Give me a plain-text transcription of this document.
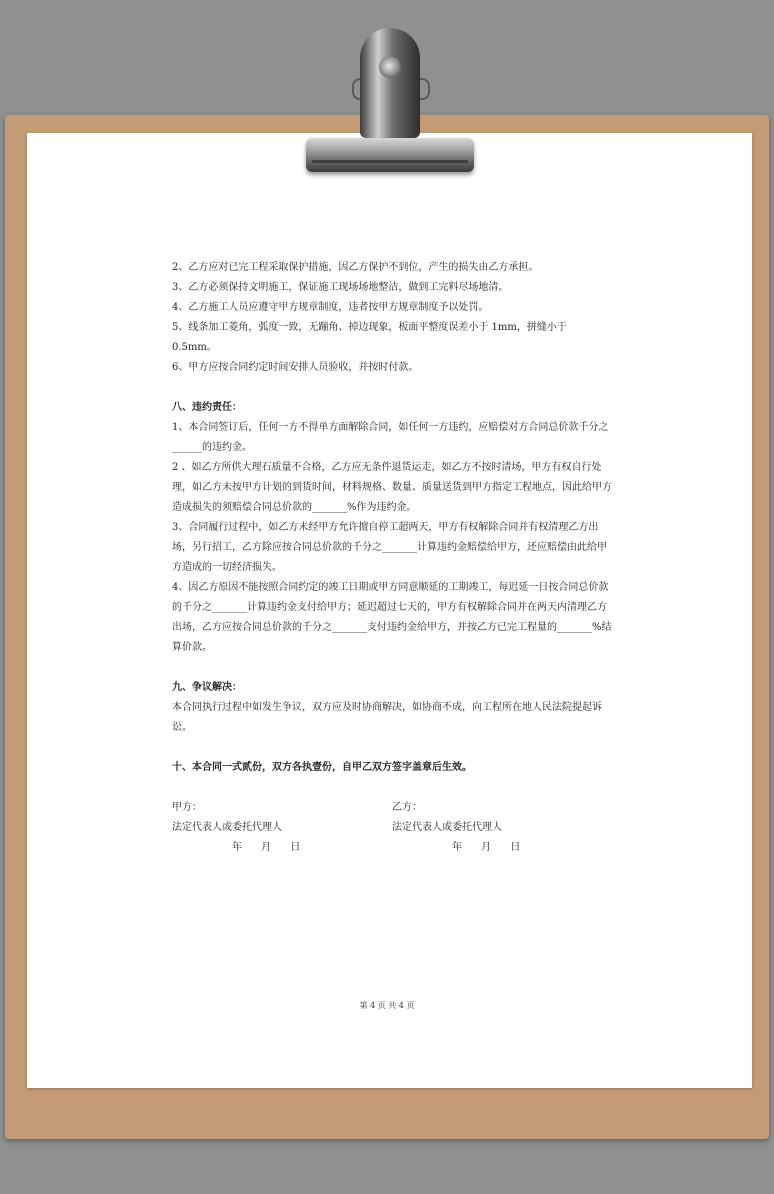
2、乙方应对已完工程采取保护措施，因乙方保护不到位，产生的损失由乙方承担。

3、乙方必须保持文明施工，保证施工现场场地整洁，做到工完料尽场地清。

4、乙方施工人员应遵守甲方规章制度，违者按甲方规章制度予以处罚。

5、线条加工菱角，弧度一致，无蹦角、掉边现象，板面平整度误差小于 1mm，拼缝小于 0.5mm。

6、甲方应按合同约定时间安排人员验收，并按时付款。

八、违约责任：

1、本合同签订后，任何一方不得单方面解除合同，如任何一方违约，应赔偿对方合同总价款千分之______的违约金。

2 、如乙方所供大理石质量不合格，乙方应无条件退货运走，如乙方不按时清场，甲方有权自行处理，如乙方未按甲方计划的到货时间，材料规格、数量、质量送货到甲方指定工程地点，因此给甲方造成损失的须赔偿合同总价款的_______%作为违约金。

3、合同履行过程中，如乙方未经甲方允许擅自停工超两天，甲方有权解除合同并有权清理乙方出场，另行招工，乙方除应按合同总价款的千分之_______计算违约金赔偿给甲方，还应赔偿由此给甲方造成的一切经济损失。

4、因乙方原因不能按照合同约定的竣工日期或甲方同意顺延的工期竣工，每迟延一日按合同总价款的千分之_______计算违约金支付给甲方；延迟超过七天的，甲方有权解除合同并在两天内清理乙方出场，乙方应按合同总价款的千分之_______支付违约金给甲方，并按乙方已完工程量的_______%结算价款。

九、争议解决：

本合同执行过程中如发生争议，双方应及时协商解决，如协商不成，向工程所在地人民法院提起诉讼。

十、本合同一式贰份，双方各执壹份，自甲乙双方签字盖章后生效。

甲方：

法定代表人或委托代理人

年 月 日

乙方：

法定代表人或委托代理人

年 月 日

第 4 页 共 4 页
